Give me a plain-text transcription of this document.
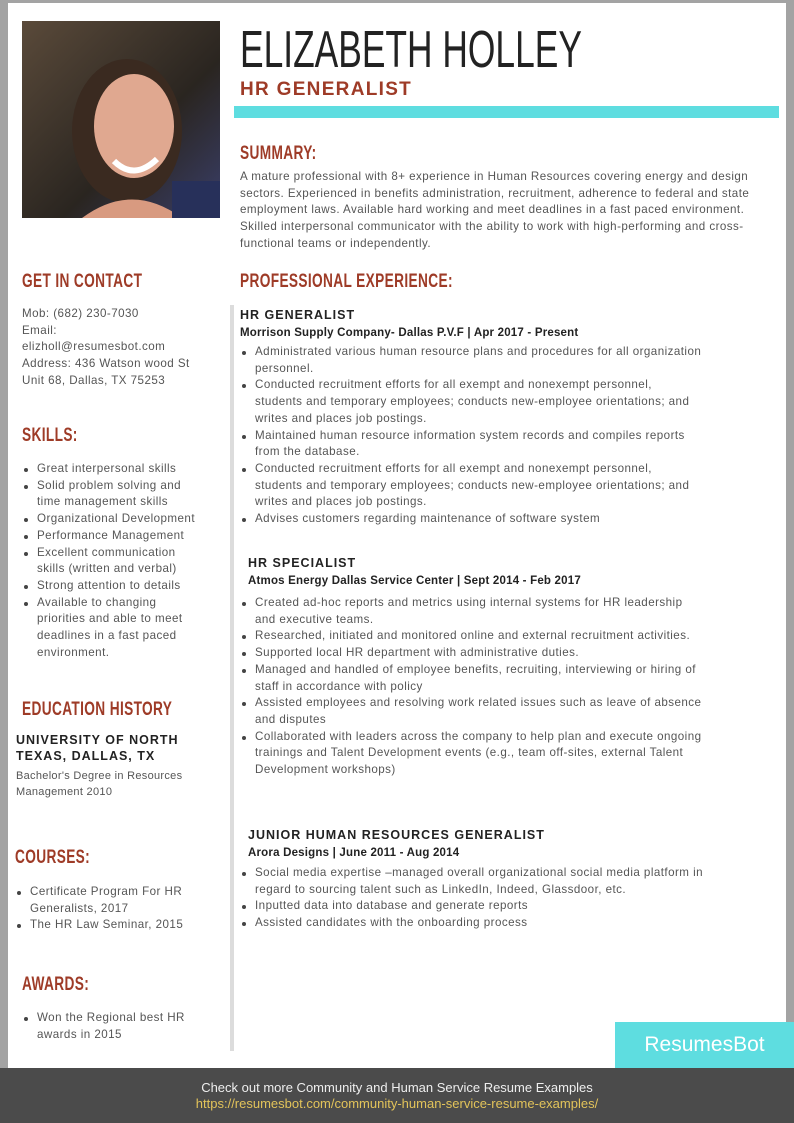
ELIZABETH HOLLEY
HR GENERALIST
SUMMARY:

A mature professional with 8+ experience in Human Resources covering energy and design sectors. Experienced in benefits administration, recruitment, adherence to federal and state employment laws. Available hard working and meet deadlines in a fast paced environment. Skilled interpersonal communicator with the ability to work with high-performing and cross-functional teams or independently.

PROFESSIONAL EXPERIENCE:
GET IN CONTACT
Mob: (682) 230-7030
Email:
elizholl@resumesbot.com
Address: 436 Watson wood St
Unit 68, Dallas, TX 75253
SKILLS:
Great interpersonal skills
Solid problem solving and time management skills
Organizational Development
Performance Management
Excellent communication skills (written and verbal)
Strong attention to details
Available to changing priorities and able to meet deadlines in a fast paced environment.
EDUCATION HISTORY
UNIVERSITY OF NORTH TEXAS, DALLAS, TX
Bachelor's Degree in Resources Management 2010
COURSES:
Certificate Program For HR Generalists, 2017
The HR Law Seminar, 2015
AWARDS:
Won the Regional best HR awards in 2015
HR GENERALIST
Morrison Supply Company- Dallas P.V.F | Apr 2017 - Present
Administrated various human resource plans and procedures for all organization personnel.
Conducted recruitment efforts for all exempt and nonexempt personnel, students and temporary employees; conducts new-employee orientations; and writes and places job postings.
Maintained human resource information system records and compiles reports from the database.
Conducted recruitment efforts for all exempt and nonexempt personnel, students and temporary employees; conducts new-employee orientations; and writes and places job postings.
Advises customers regarding maintenance of software system
HR SPECIALIST
Atmos Energy Dallas Service Center | Sept 2014 - Feb 2017
Created ad-hoc reports and metrics using internal systems for HR leadership and executive teams.
Researched, initiated and monitored online and external recruitment activities.
Supported local HR department with administrative duties.
Managed and handled of employee benefits, recruiting, interviewing or hiring of staff in accordance with policy
Assisted employees and resolving work related issues such as leave of absence and disputes
Collaborated with leaders across the company to help plan and execute ongoing trainings and Talent Development events (e.g., team off-sites, external Talent Development workshops)
JUNIOR HUMAN RESOURCES GENERALIST
Arora Designs | June 2011 - Aug 2014
Social media expertise –managed overall organizational social media platform in regard to sourcing talent such as LinkedIn, Indeed, Glassdoor, etc.
Inputted data into database and generate reports
Assisted candidates with the onboarding process
ResumesBot
Check out more Community and Human Service Resume Examples
https://resumesbot.com/community-human-service-resume-examples/
